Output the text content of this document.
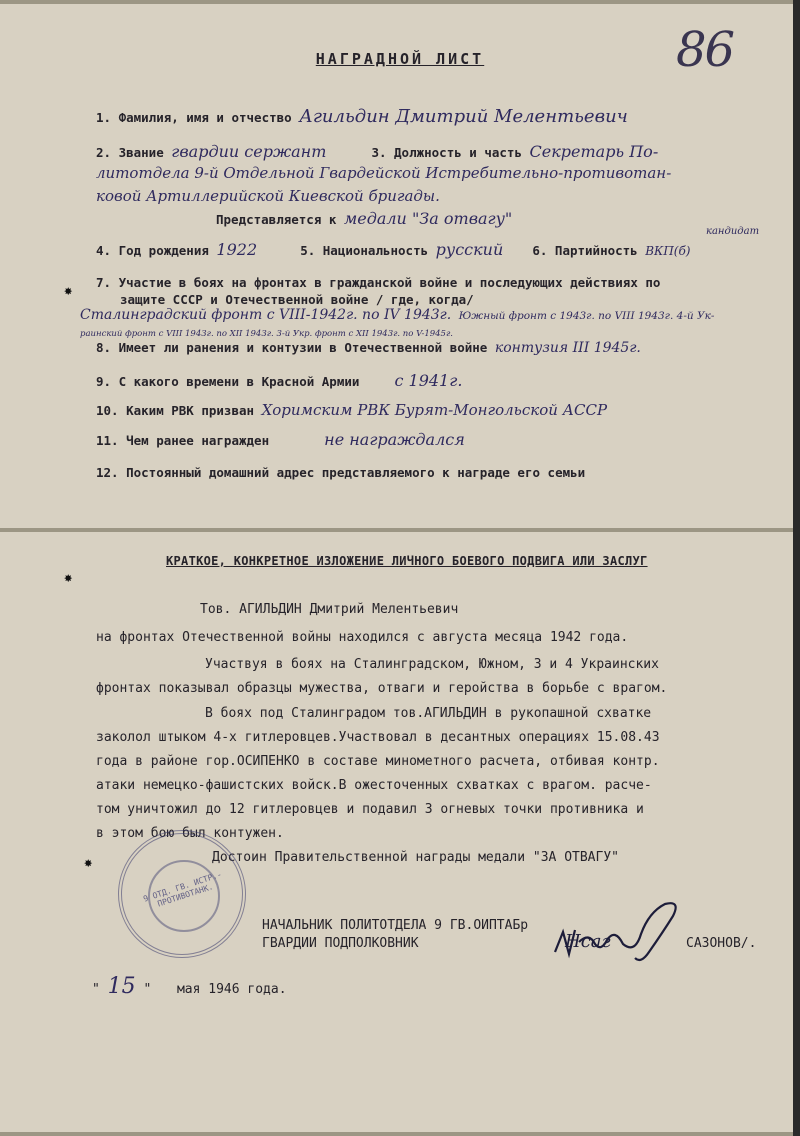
86
НАГРАДНОЙ ЛИСТ
1. Фамилия, имя и отчество Агильдин Дмитрий Мелентьевич
2. Звание гвардии сержант	3. Должность и часть Секретарь По-
литотдела 9-й Отдельной Гвардейской Истребительно-противотан-
ковой Артиллерийской Киевской бригады.
Представляется к медали "За отвагу"
кандидат
4. Год рождения 1922	5. Национальность русский 6. Партийность ВКП(б)
7. Участие в боях на фронтах в гражданской войне и последующих действиях по
защите СССР и Отечественной войне / где, когда/
Сталинградский фронт с VIII-1942г. по IV 1943г. Южный фронт с 1943г. по VIII 1943г. 4-й Ук-
раинский фронт с VIII 1943г. по XII 1943г. 3-й Укр. фронт с XII 1943г. по V-1945г.
8. Имеет ли ранения и контузии в Отечественной войне контузия III 1945г.
9. С какого времени в Красной Армии с 1941г.
10. Каким РВК призван Хоримским РВК Бурят-Монгольской АССР
11. Чем ранее награжден	не награждался
12. Постоянный домашний адрес представляемого к награде его семьи
КРАТКОЕ, КОНКРЕТНОЕ ИЗЛОЖЕНИЕ ЛИЧНОГО БОЕВОГО ПОДВИГА ИЛИ ЗАСЛУГ
Тов. АГИЛЬДИН Дмитрий Мелентьевич
на фронтах Отечественной войны находился с августа месяца 1942 года.
Участвуя в боях на Сталинградском, Южном, 3 и 4 Украинских
фронтах показывал образцы мужества, отваги и геройства в борьбе с врагом.
В боях под Сталинградом тов.АГИЛЬДИН в рукопашной схватке
заколол штыком 4-х гитлеровцев.Участвовал в десантных операциях 15.08.43
года в районе гор.ОСИПЕНКО в составе минометного расчета, отбивая контр.
атаки немецко-фашистских войск.В ожесточенных схватках с врагом. расче-
том уничтожил до 12 гитлеровцев и подавил 3 огневых точки противника и
в этом бою был контужен.
Достоин Правительственной награды медали "ЗА ОТВАГУ"
9 ОТД. ГВ. ИСТР.-ПРОТИВОТАНК.
НАЧАЛЬНИК ПОЛИТОТДЕЛА 9 ГВ.ОИПТАБр
ГВАРДИИ ПОДПОЛКОВНИК	Нсаг	САЗОНОВ/.
" 15 " мая 1946 года.
✸
✸
✸
